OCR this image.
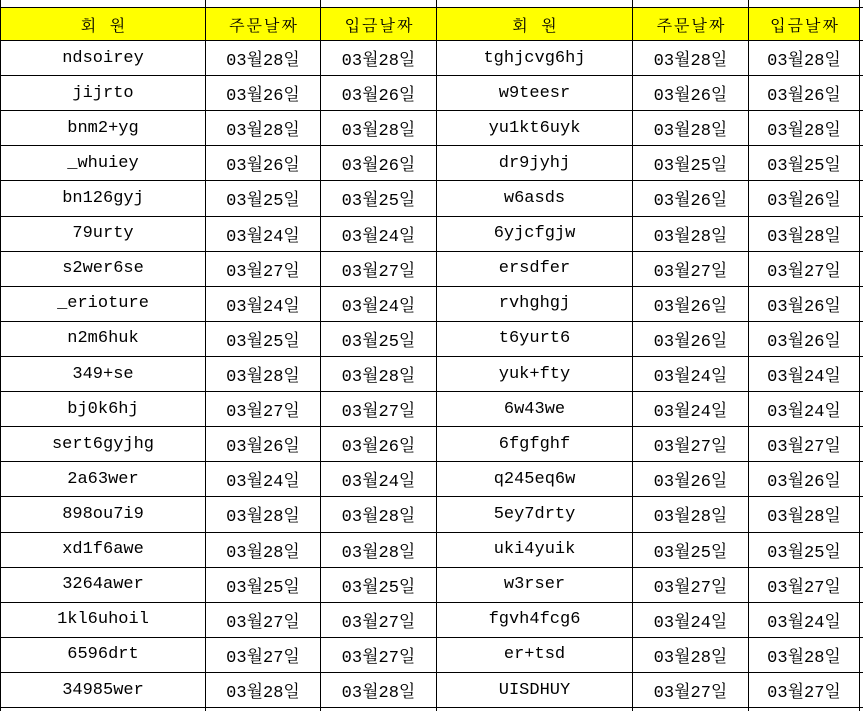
회 원	주문날짜	입금날짜	회 원	주문날짜	입금날짜
ndsoirey	03월28일	03월28일	tghjcvg6hj	03월28일	03월28일
jijrto	03월26일	03월26일	w9teesr	03월26일	03월26일
bnm2+yg	03월28일	03월28일	yu1kt6uyk	03월28일	03월28일
_whuiey	03월26일	03월26일	dr9jyhj	03월25일	03월25일
bn126gyj	03월25일	03월25일	w6asds	03월26일	03월26일
79urty	03월24일	03월24일	6yjcfgjw	03월28일	03월28일
s2wer6se	03월27일	03월27일	ersdfer	03월27일	03월27일
_erioture	03월24일	03월24일	rvhghgj	03월26일	03월26일
n2m6huk	03월25일	03월25일	t6yurt6	03월26일	03월26일
349+se	03월28일	03월28일	yuk+fty	03월24일	03월24일
bj0k6hj	03월27일	03월27일	6w43we	03월24일	03월24일
sert6gyjhg	03월26일	03월26일	6fgfghf	03월27일	03월27일
2a63wer	03월24일	03월24일	q245eq6w	03월26일	03월26일
898ou7i9	03월28일	03월28일	5ey7drty	03월28일	03월28일
xd1f6awe	03월28일	03월28일	uki4yuik	03월25일	03월25일
3264awer	03월25일	03월25일	w3rser	03월27일	03월27일
1kl6uhoil	03월27일	03월27일	fgvh4fcg6	03월24일	03월24일
6596drt	03월27일	03월27일	er+tsd	03월28일	03월28일
34985wer	03월28일	03월28일	UISDHUY	03월27일	03월27일
